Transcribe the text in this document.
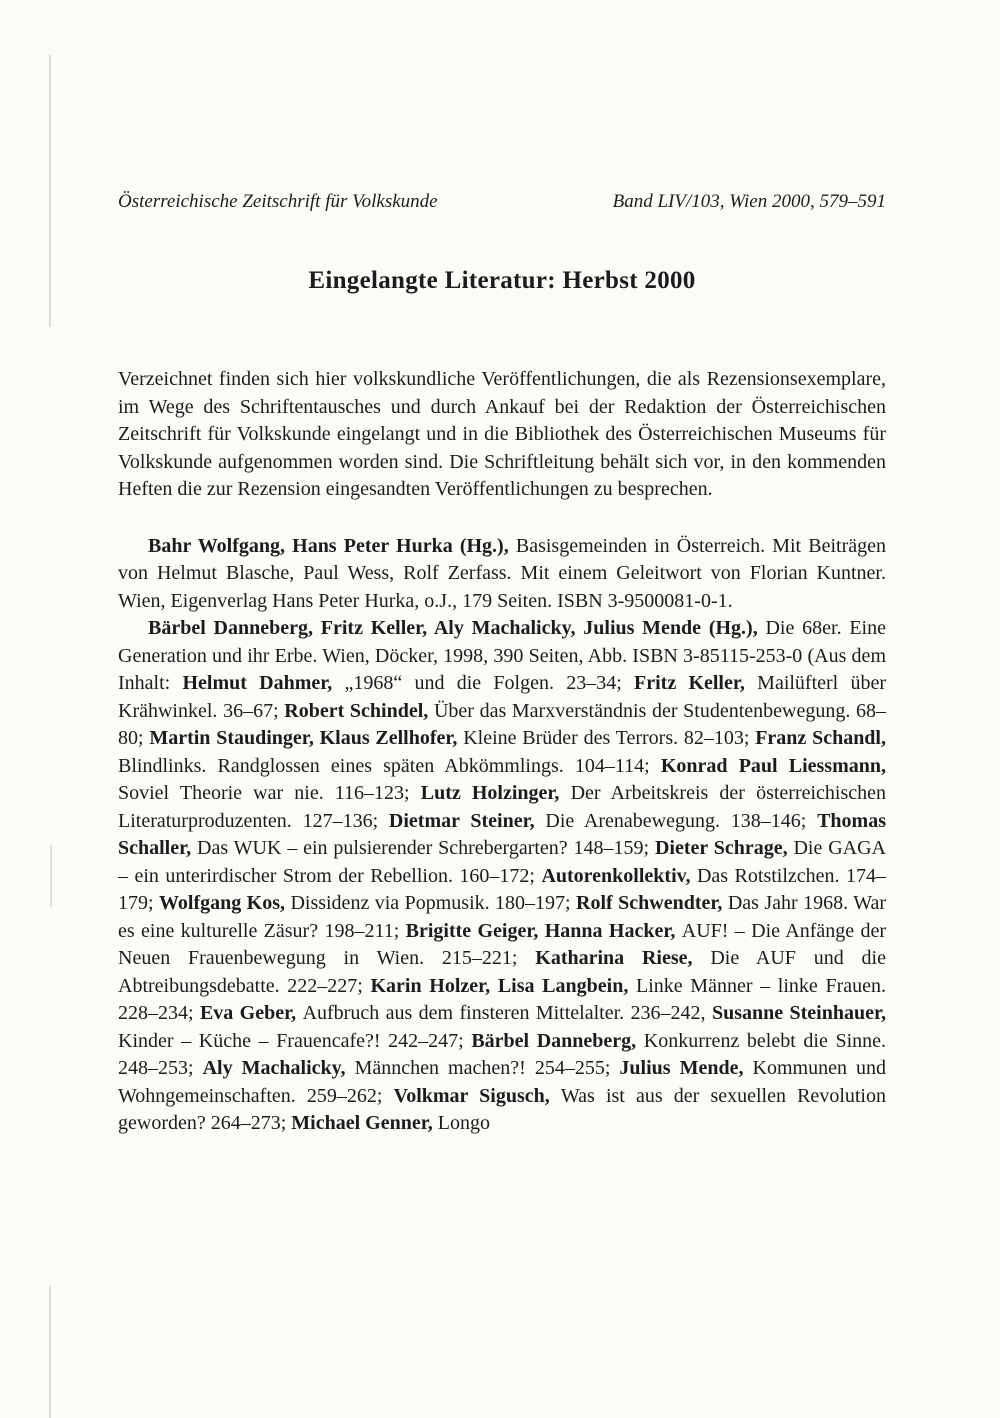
Österreichische Zeitschrift für Volkskunde	Band LIV/103, Wien 2000, 579–591
Eingelangte Literatur: Herbst 2000

Verzeichnet finden sich hier volkskundliche Veröffentlichungen, die als Rezensionsexemplare, im Wege des Schriftentausches und durch Ankauf bei der Redaktion der Österreichischen Zeitschrift für Volkskunde eingelangt und in die Bibliothek des Österreichischen Museums für Volkskunde aufgenommen worden sind. Die Schriftleitung behält sich vor, in den kommenden Heften die zur Rezension eingesandten Veröffentlichungen zu besprechen.

Bahr Wolfgang, Hans Peter Hurka (Hg.), Basisgemeinden in Österreich. Mit Beiträgen von Helmut Blasche, Paul Wess, Rolf Zerfass. Mit einem Geleitwort von Florian Kuntner. Wien, Eigenverlag Hans Peter Hurka, o.J., 179 Seiten. ISBN 3-9500081-0-1.

Bärbel Danneberg, Fritz Keller, Aly Machalicky, Julius Mende (Hg.), Die 68er. Eine Generation und ihr Erbe. Wien, Döcker, 1998, 390 Seiten, Abb. ISBN 3-85115-253-0 (Aus dem Inhalt: Helmut Dahmer, „1968“ und die Folgen. 23–34; Fritz Keller, Mailüfterl über Krähwinkel. 36–67; Robert Schindel, Über das Marxverständnis der Studentenbewegung. 68–80; Martin Staudinger, Klaus Zellhofer, Kleine Brüder des Terrors. 82–103; Franz Schandl, Blindlinks. Randglossen eines späten Abkömmlings. 104–114; Konrad Paul Liessmann, Soviel Theorie war nie. 116–123; Lutz Holzinger, Der Arbeitskreis der österreichischen Literaturproduzenten. 127–136; Dietmar Steiner, Die Arenabewegung. 138–146; Thomas Schaller, Das WUK – ein pulsierender Schrebergarten? 148–159; Dieter Schrage, Die GAGA – ein unterirdischer Strom der Rebellion. 160–172; Autorenkollektiv, Das Rotstilzchen. 174–179; Wolfgang Kos, Dissidenz via Popmusik. 180–197; Rolf Schwendter, Das Jahr 1968. War es eine kulturelle Zäsur? 198–211; Brigitte Geiger, Hanna Hacker, AUF! – Die Anfänge der Neuen Frauenbewegung in Wien. 215–221; Katharina Riese, Die AUF und die Abtreibungsdebatte. 222–227; Karin Holzer, Lisa Langbein, Linke Männer – linke Frauen. 228–234; Eva Geber, Aufbruch aus dem finsteren Mittelalter. 236–242, Susanne Steinhauer, Kinder – Küche – Frauencafe?! 242–247; Bärbel Danneberg, Konkurrenz belebt die Sinne. 248–253; Aly Machalicky, Männchen machen?! 254–255; Julius Mende, Kommunen und Wohngemeinschaften. 259–262; Volkmar Sigusch, Was ist aus der sexuellen Revolution geworden? 264–273; Michael Genner, Longo
